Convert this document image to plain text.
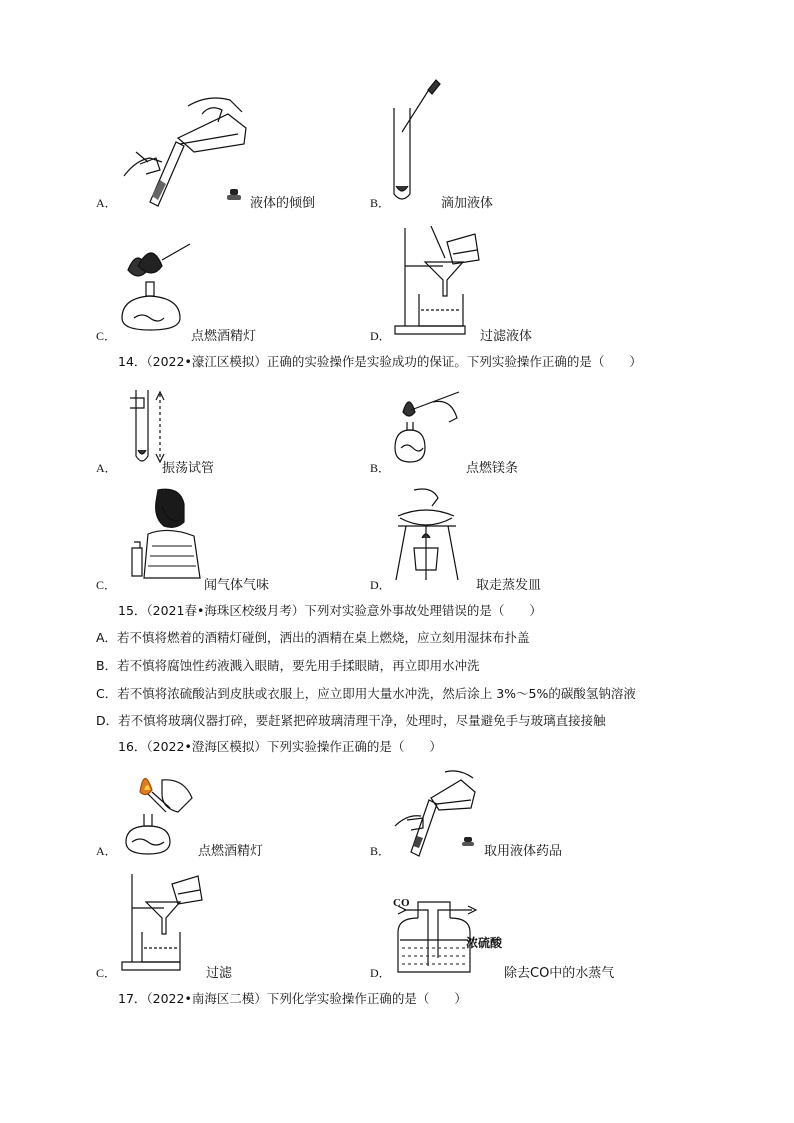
A．	液体的倾倒	B．	滴加液体
C．	点燃酒精灯	D．	过滤液体
14．（2022•濠江区模拟）正确的实验操作是实验成功的保证。下列实验操作正确的是（　　）
A．	振荡试管	B．	点燃镁条
C．	闻气体气味	D．	取走蒸发皿
15．（2021春•海珠区校级月考）下列对实验意外事故处理错误的是（　　）
A．若不慎将燃着的酒精灯碰倒，洒出的酒精在桌上燃烧，应立刻用湿抹布扑盖
B．若不慎将腐蚀性药液溅入眼睛，要先用手揉眼睛，再立即用水冲洗
C．若不慎将浓硫酸沾到皮肤或衣服上，应立即用大量水冲洗，然后涂上 3%～5%的碳酸氢钠溶液
D．若不慎将玻璃仪器打碎，要赶紧把碎玻璃清理干净，处理时，尽量避免手与玻璃直接接触
16．（2022•澄海区模拟）下列实验操作正确的是（　　）
A．	点燃酒精灯	B．	取用液体药品
C．	过滤
CO
浓硫酸
D．	除去CO中的水蒸气
17．（2022•南海区二模）下列化学实验操作正确的是（　　）
